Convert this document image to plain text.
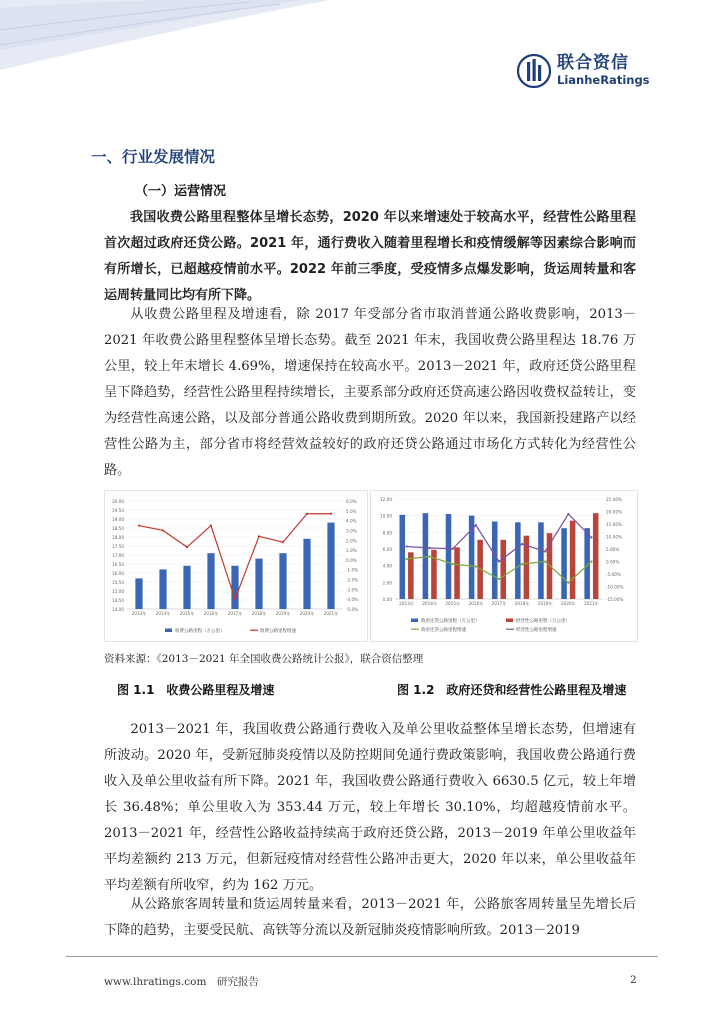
联合资信
LianheRatings
一、行业发展情况
（一）运营情况

我国收费公路里程整体呈增长态势，2020 年以来增速处于较高水平，经营性公路里程首次超过政府还贷公路。2021 年，通行费收入随着里程增长和疫情缓解等因素综合影响而有所增长，已超越疫情前水平。2022 年前三季度，受疫情多点爆发影响，货运周转量和客运周转量同比均有所下降。

从收费公路里程及增速看，除 2017 年受部分省市取消普通公路收费影响，2013－2021 年收费公路里程整体呈增长态势。截至 2021 年末，我国收费公路里程达 18.76 万公里，较上年末增长 4.69%，增速保持在较高水平。2013－2021 年，政府还贷公路里程呈下降趋势，经营性公路里程持续增长，主要系部分政府还贷高速公路因收费权益转让，变为经营性高速公路，以及部分普通公路收费到期所致。2020 年以来，我国新投建路产以经营性公路为主，部分省市将经营效益较好的政府还贷公路通过市场化方式转化为经营性公路。

14.00
14.50
15.00
15.50
16.00
16.50
17.00
17.50
18.00
18.50
19.00
19.50
20.00
-5.0%
-4.0%
-3.0%
-2.0%
-1.0%
0.0%
1.0%
2.0%
3.0%
4.0%
5.0%
6.0%
2013年 2014年 2015年 2016年 2017年 2018年 2019年 2020年 2021年
收费公路里程（万公里）	收费公路里程增速
0.00
2.00
4.00
6.00
8.00
10.00
12.00
-15.00%
-10.00%
-5.00%
0.00%
5.00%
10.00%
15.00%
20.00%
25.00%
2013年 2014年 2015年 2016年 2017年 2018年 2019年 2020年 2021年
政府还贷公路里程（万公里）	经营性公路里程（万公里）
政府还贷公路里程增速	经营性公路里程增速
资料来源：《2013－2021 年全国收费公路统计公报》，联合资信整理
图 1.1　收费公路里程及增速	图 1.2　政府还贷和经营性公路里程及增速

2013－2021 年，我国收费公路通行费收入及单公里收益整体呈增长态势，但增速有所波动。2020 年，受新冠肺炎疫情以及防控期间免通行费政策影响，我国收费公路通行费收入及单公里收益有所下降。2021 年，我国收费公路通行费收入 6630.5 亿元，较上年增长 36.48%；单公里收入为 353.44 万元，较上年增长 30.10%，均超越疫情前水平。2013－2021 年，经营性公路收益持续高于政府还贷公路，2013－2019 年单公里收益年平均差额约 213 万元，但新冠疫情对经营性公路冲击更大，2020 年以来，单公里收益年平均差额有所收窄，约为 162 万元。

从公路旅客周转量和货运周转量来看，2013－2021 年，公路旅客周转量呈先增长后下降的趋势，主要受民航、高铁等分流以及新冠肺炎疫情影响所致。2013－2019

www.lhratings.com　研究报告	2
